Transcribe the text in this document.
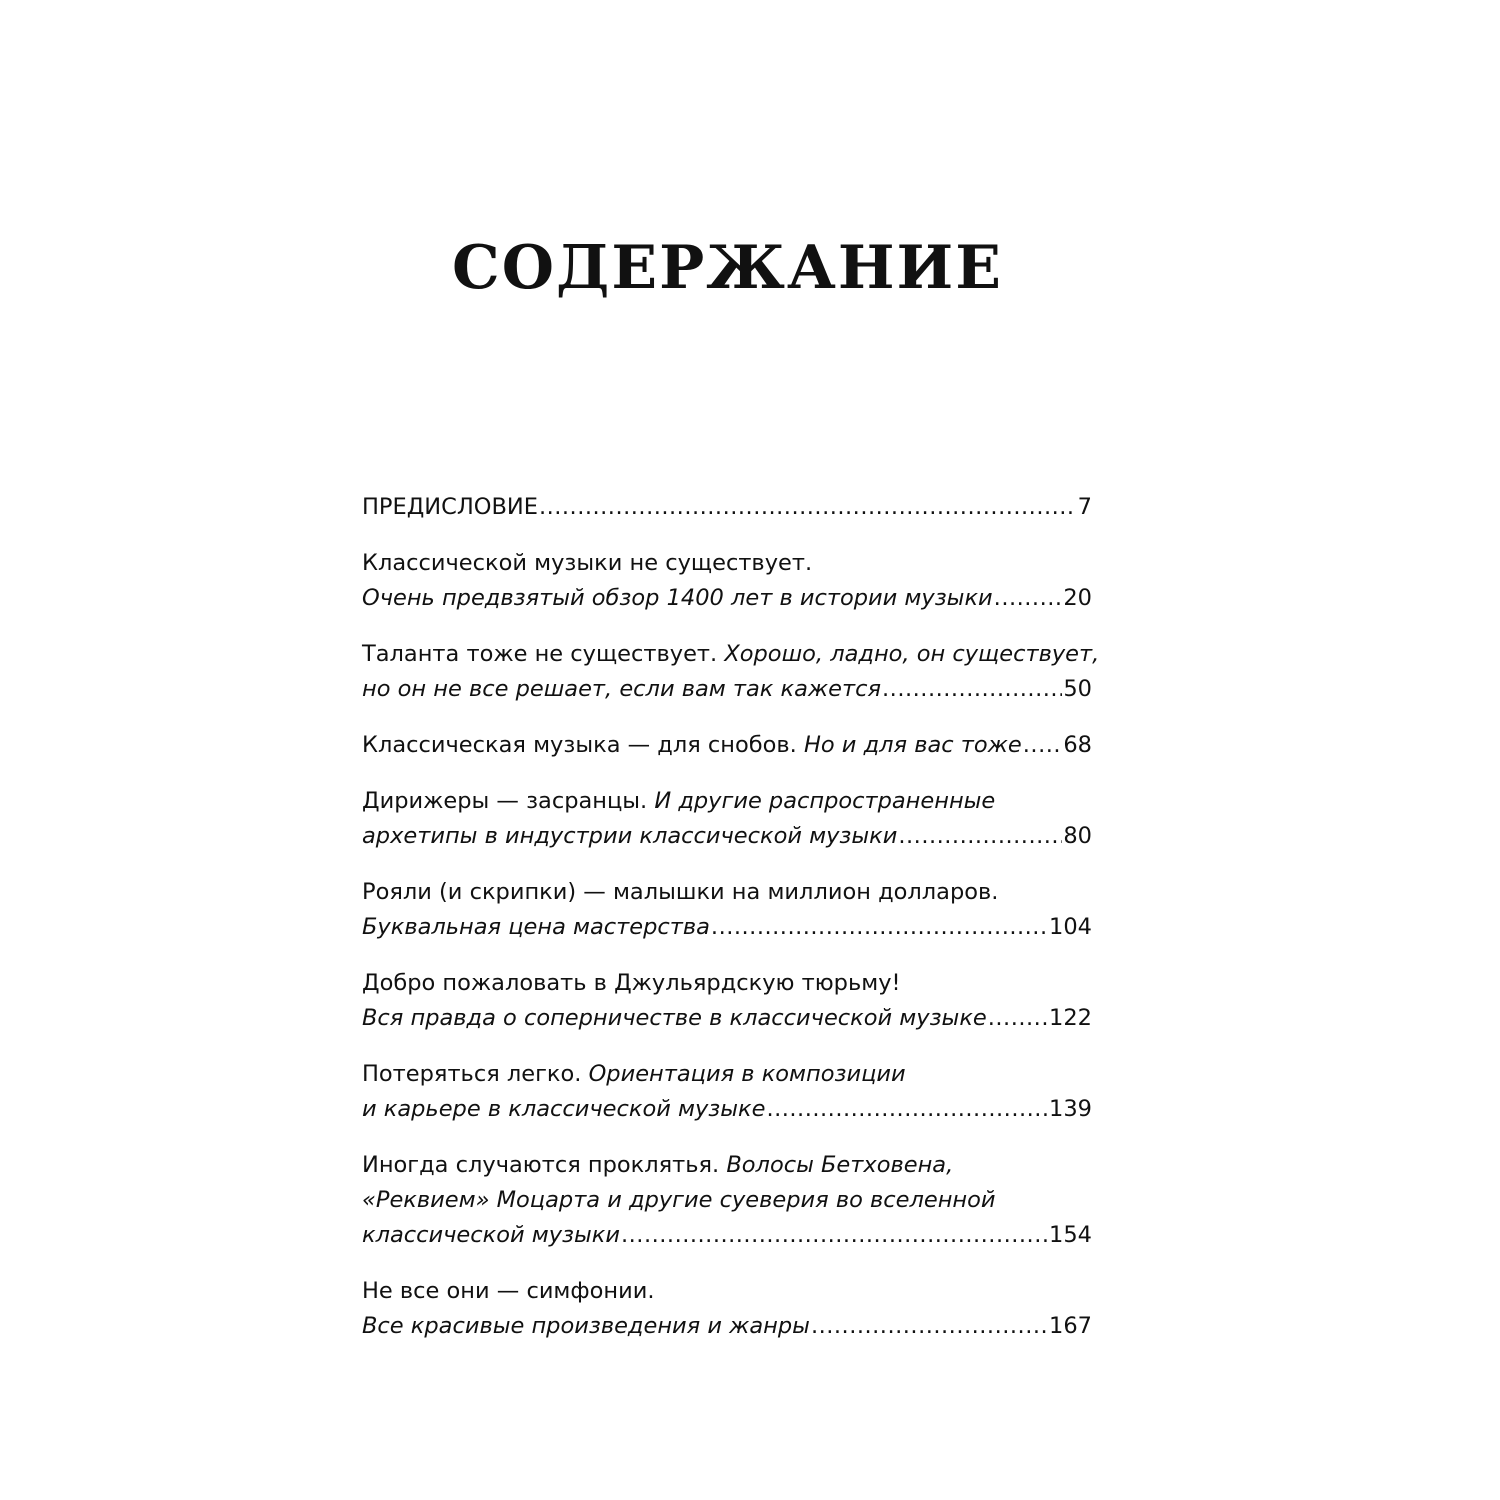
СОДЕРЖАНИЕ
ПРЕДИСЛОВИЕ .....	7
Классической музыки не существует.
Очень предвзятый обзор 1400 лет в истории музыки .....	20
Таланта тоже не существует. Хорошо, ладно, он существует,
но он не все решает, если вам так кажется .....	50
Классическая музыка — для снобов. Но и для вас тоже ..... 68
Дирижеры — засранцы. И другие распространенные
архетипы в индустрии классической музыки .....	80
Рояли (и скрипки) — малышки на миллион долларов.
Буквальная цена мастерства .....	104
Добро пожаловать в Джульярдскую тюрьму!
Вся правда о соперничестве в классической музыке .....	122
Потеряться легко. Ориентация в композиции
и карьере в классической музыке .....	139
Иногда случаются проклятья. Волосы Бетховена,
«Реквием» Моцарта и другие суеверия во вселенной
классической музыки .....	154
Не все они — симфонии.
Все красивые произведения и жанры .....	167
